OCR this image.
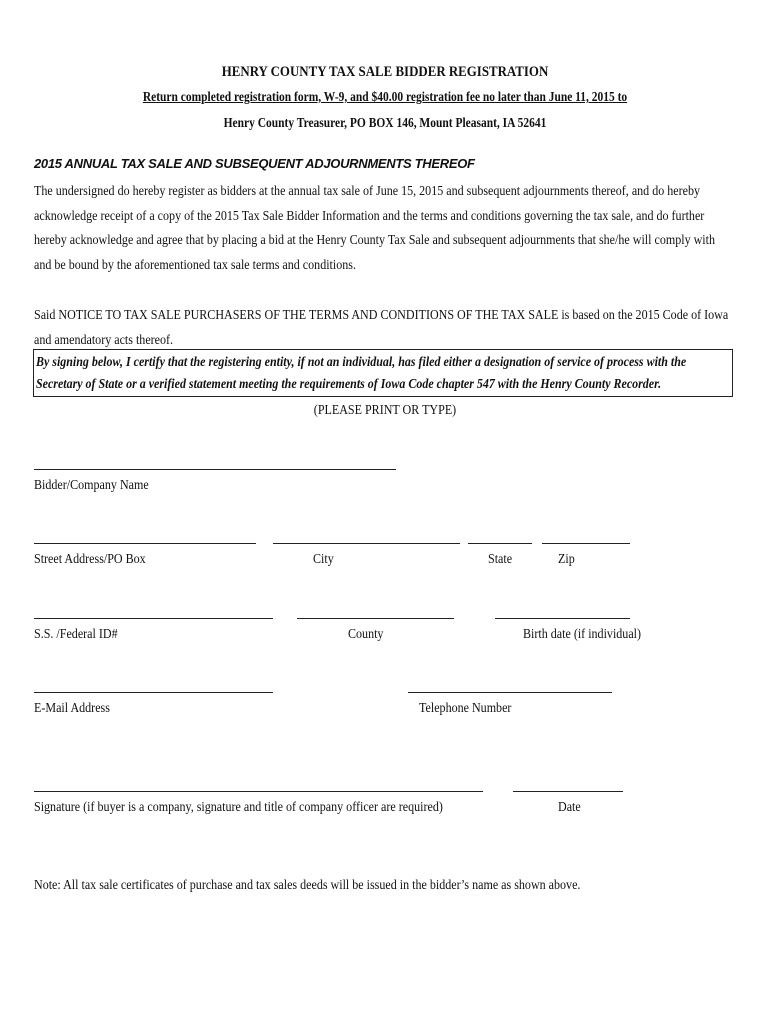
HENRY COUNTY TAX SALE BIDDER REGISTRATION
Return completed registration form, W-9, and $40.00 registration fee no later than June 11, 2015 to
Henry County Treasurer, PO BOX 146, Mount Pleasant, IA 52641
2015 ANNUAL TAX SALE AND SUBSEQUENT ADJOURNMENTS THEREOF
The undersigned do hereby register as bidders at the annual tax sale of June 15, 2015 and subsequent adjournments thereof, and do hereby acknowledge receipt of a copy of the 2015 Tax Sale Bidder Information and the terms and conditions governing the tax sale, and do further hereby acknowledge and agree that by placing a bid at the Henry County Tax Sale and subsequent adjournments that she/he will comply with and be bound by the aforementioned tax sale terms and conditions.
Said NOTICE TO TAX SALE PURCHASERS OF THE TERMS AND CONDITIONS OF THE TAX SALE is based on the 2015 Code of Iowa and amendatory acts thereof.
By signing below, I certify that the registering entity, if not an individual, has filed either a designation of service of process with the Secretary of State or a verified statement meeting the requirements of Iowa Code chapter 547 with the Henry County Recorder.
(PLEASE PRINT OR TYPE)
Bidder/Company Name
Street Address/PO Box	City	State	Zip
S.S. /Federal ID#	County	Birth date (if individual)
E-Mail Address	Telephone Number
Signature (if buyer is a company, signature and title of company officer are required)	Date
Note: All tax sale certificates of purchase and tax sales deeds will be issued in the bidder’s name as shown above.
